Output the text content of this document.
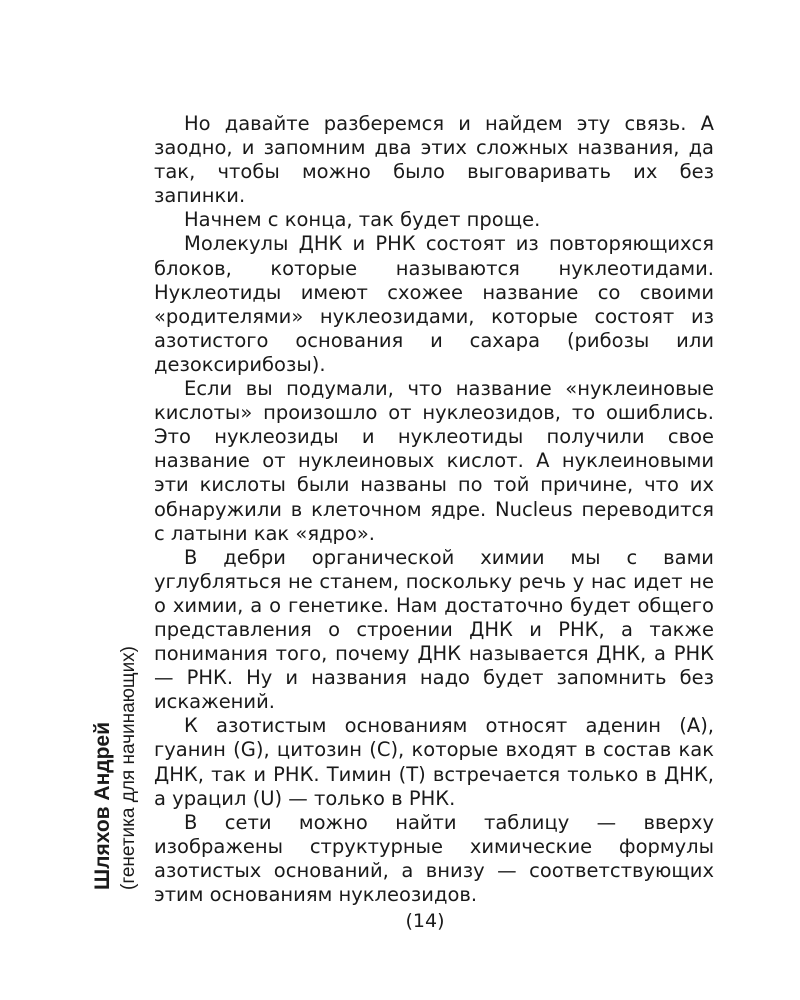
Но давайте разберемся и найдем эту связь. А заодно, и запомним два этих сложных названия, да так, чтобы можно было выговаривать их без запинки.

Начнем с конца, так будет проще.

Молекулы ДНК и РНК состоят из повторяющихся блоков, которые называются нуклеотидами. Нуклеотиды имеют схожее название со своими «родителями» нуклеозидами, которые состоят из азотистого основания и сахара (рибозы или дезоксирибозы).

Если вы подумали, что название «нуклеиновые кислоты» произошло от нуклеозидов, то ошиблись. Это нуклеозиды и нуклеотиды получили свое название от нуклеиновых кислот. А нуклеиновыми эти кислоты были названы по той причине, что их обнаружили в клеточном ядре. Nucleus переводится с латыни как «ядро».

В дебри органической химии мы с вами углубляться не станем, поскольку речь у нас идет не о химии, а о генетике. Нам достаточно будет общего представления о строении ДНК и РНК, а также понимания того, почему ДНК называется ДНК, а РНК — РНК. Ну и названия надо будет запомнить без искажений.

К азотистым основаниям относят аденин (A), гуанин (G), цитозин (C), которые входят в состав как ДНК, так и РНК. Тимин (T) встречается только в ДНК, а урацил (U) — только в РНК.

В сети можно найти таблицу — вверху изображены структурные химические формулы азотистых оснований, а внизу — соответствующих этим основаниям нуклеозидов.

Шляхов Андрей (генетика для начинающих)
(14)
